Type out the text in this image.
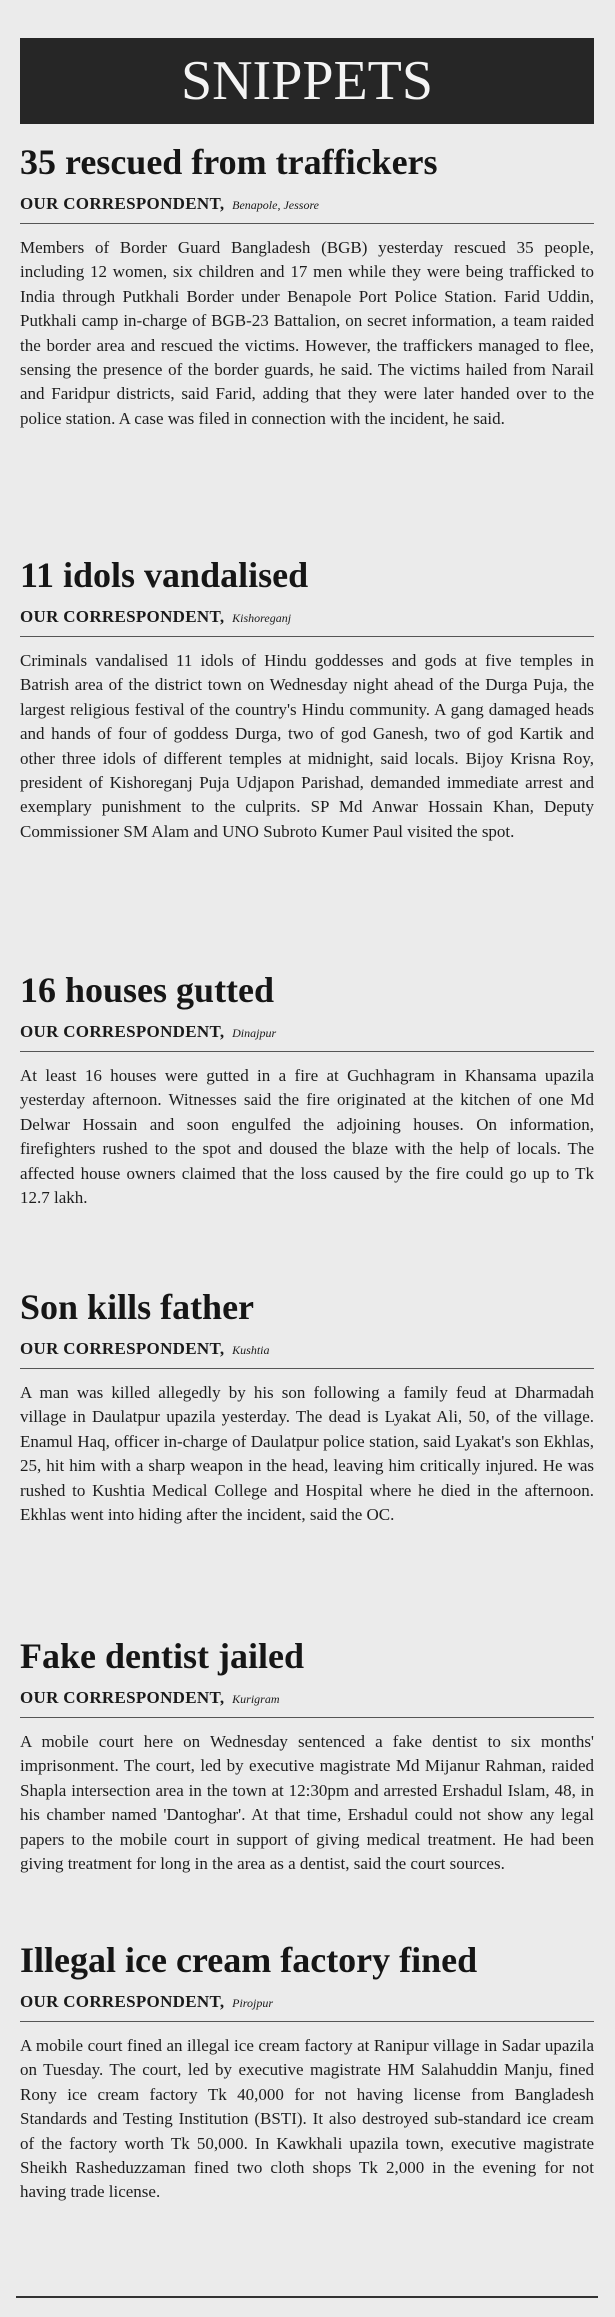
SNIPPETS
35 rescued from traffickers
OUR CORRESPONDENT, Benapole, Jessore
Members of Border Guard Bangladesh (BGB) yesterday rescued 35 people, including 12 women, six children and 17 men while they were being trafficked to India through Putkhali Border under Benapole Port Police Station. Farid Uddin, Putkhali camp in-charge of BGB-23 Battalion, on secret information, a team raided the border area and rescued the victims. However, the traffickers managed to flee, sensing the presence of the border guards, he said. The victims hailed from Narail and Faridpur districts, said Farid, adding that they were later handed over to the police station. A case was filed in connection with the incident, he said.
11 idols vandalised
OUR CORRESPONDENT, Kishoreganj
Criminals vandalised 11 idols of Hindu goddesses and gods at five temples in Batrish area of the district town on Wednesday night ahead of the Durga Puja, the largest religious festival of the country's Hindu community. A gang damaged heads and hands of four of goddess Durga, two of god Ganesh, two of god Kartik and other three idols of different temples at midnight, said locals. Bijoy Krisna Roy, president of Kishoreganj Puja Udjapon Parishad, demanded immediate arrest and exemplary punishment to the culprits. SP Md Anwar Hossain Khan, Deputy Commissioner SM Alam and UNO Subroto Kumer Paul visited the spot.
16 houses gutted
OUR CORRESPONDENT, Dinajpur
At least 16 houses were gutted in a fire at Guchhagram in Khansama upazila yesterday afternoon. Witnesses said the fire originated at the kitchen of one Md Delwar Hossain and soon engulfed the adjoining houses. On information, firefighters rushed to the spot and doused the blaze with the help of locals. The affected house owners claimed that the loss caused by the fire could go up to Tk 12.7 lakh.
Son kills father
OUR CORRESPONDENT, Kushtia
A man was killed allegedly by his son following a family feud at Dharmadah village in Daulatpur upazila yesterday. The dead is Lyakat Ali, 50, of the village. Enamul Haq, officer in-charge of Daulatpur police station, said Lyakat's son Ekhlas, 25, hit him with a sharp weapon in the head, leaving him critically injured. He was rushed to Kushtia Medical College and Hospital where he died in the afternoon. Ekhlas went into hiding after the incident, said the OC.
Fake dentist jailed
OUR CORRESPONDENT, Kurigram
A mobile court here on Wednesday sentenced a fake dentist to six months' imprisonment. The court, led by executive magistrate Md Mijanur Rahman, raided Shapla intersection area in the town at 12:30pm and arrested Ershadul Islam, 48, in his chamber named 'Dantoghar'. At that time, Ershadul could not show any legal papers to the mobile court in support of giving medical treatment. He had been giving treatment for long in the area as a dentist, said the court sources.
Illegal ice cream factory fined
OUR CORRESPONDENT, Pirojpur
A mobile court fined an illegal ice cream factory at Ranipur village in Sadar upazila on Tuesday. The court, led by executive magistrate HM Salahuddin Manju, fined Rony ice cream factory Tk 40,000 for not having license from Bangladesh Standards and Testing Institution (BSTI). It also destroyed sub-standard ice cream of the factory worth Tk 50,000. In Kawkhali upazila town, executive magistrate Sheikh Rasheduzzaman fined two cloth shops Tk 2,000 in the evening for not having trade license.
